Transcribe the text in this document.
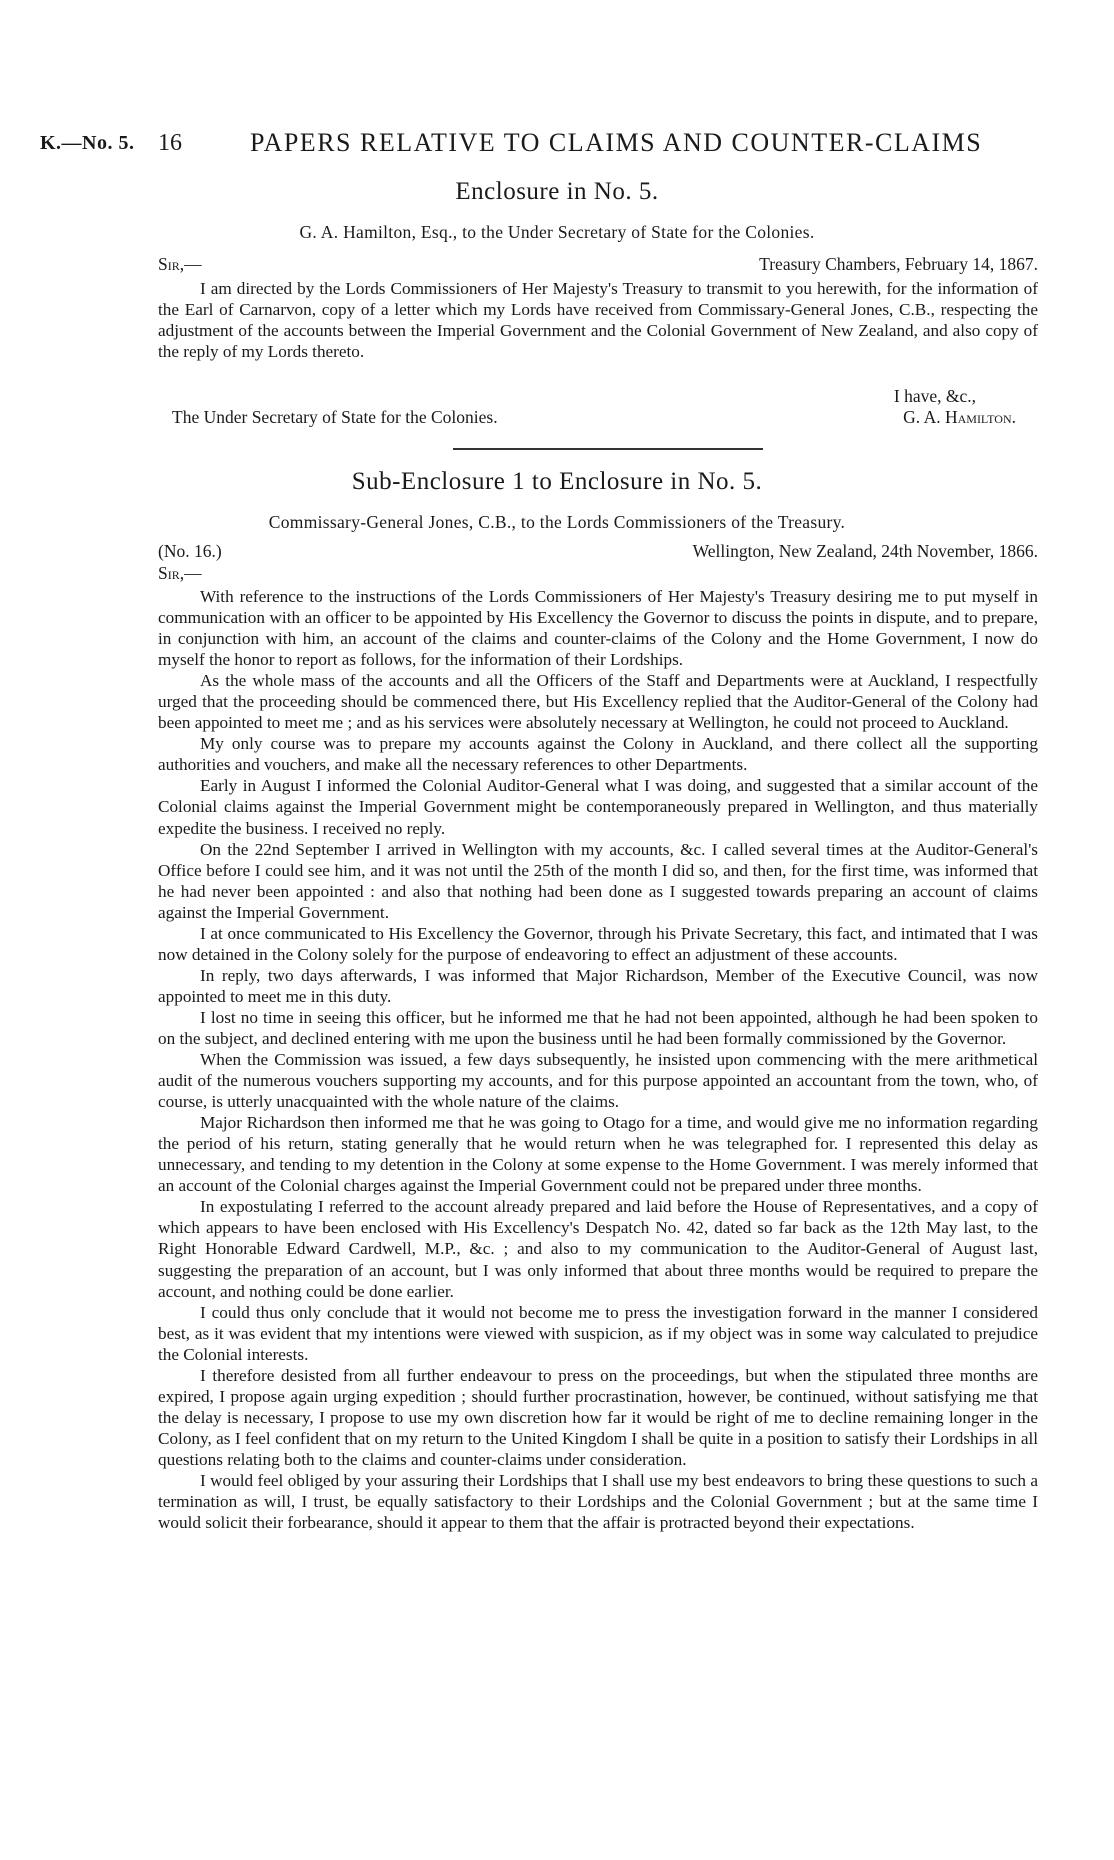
K.—No. 5. 16	PAPERS RELATIVE TO CLAIMS AND COUNTER-CLAIMS
Enclosure in No. 5.
G. A. Hamilton, Esq., to the Under Secretary of State for the Colonies.
Sir,—	Treasury Chambers, February 14, 1867.
I am directed by the Lords Commissioners of Her Majesty's Treasury to transmit to you herewith, for the information of the Earl of Carnarvon, copy of a letter which my Lords have received from Commissary-General Jones, C.B., respecting the adjustment of the accounts between the Imperial Government and the Colonial Government of New Zealand, and also copy of the reply of my Lords thereto.
I have, &c.,
The Under Secretary of State for the Colonies.	G. A. Hamilton.
Sub-Enclosure 1 to Enclosure in No. 5.
Commissary-General Jones, C.B., to the Lords Commissioners of the Treasury.
(No. 16.)	Wellington, New Zealand, 24th November, 1866.
Sir,—

With reference to the instructions of the Lords Commissioners of Her Majesty's Treasury desiring me to put myself in communication with an officer to be appointed by His Excellency the Governor to discuss the points in dispute, and to prepare, in conjunction with him, an account of the claims and counter-claims of the Colony and the Home Government, I now do myself the honor to report as follows, for the information of their Lordships.

As the whole mass of the accounts and all the Officers of the Staff and Departments were at Auckland, I respectfully urged that the proceeding should be commenced there, but His Excellency replied that the Auditor-General of the Colony had been appointed to meet me ; and as his services were absolutely necessary at Wellington, he could not proceed to Auckland.

My only course was to prepare my accounts against the Colony in Auckland, and there collect all the supporting authorities and vouchers, and make all the necessary references to other Departments.

Early in August I informed the Colonial Auditor-General what I was doing, and suggested that a similar account of the Colonial claims against the Imperial Government might be contemporaneously prepared in Wellington, and thus materially expedite the business. I received no reply.

On the 22nd September I arrived in Wellington with my accounts, &c. I called several times at the Auditor-General's Office before I could see him, and it was not until the 25th of the month I did so, and then, for the first time, was informed that he had never been appointed : and also that nothing had been done as I suggested towards preparing an account of claims against the Imperial Government.

I at once communicated to His Excellency the Governor, through his Private Secretary, this fact, and intimated that I was now detained in the Colony solely for the purpose of endeavoring to effect an adjustment of these accounts.

In reply, two days afterwards, I was informed that Major Richardson, Member of the Executive Council, was now appointed to meet me in this duty.

I lost no time in seeing this officer, but he informed me that he had not been appointed, although he had been spoken to on the subject, and declined entering with me upon the business until he had been formally commissioned by the Governor.

When the Commission was issued, a few days subsequently, he insisted upon commencing with the mere arithmetical audit of the numerous vouchers supporting my accounts, and for this purpose appointed an accountant from the town, who, of course, is utterly unacquainted with the whole nature of the claims.

Major Richardson then informed me that he was going to Otago for a time, and would give me no information regarding the period of his return, stating generally that he would return when he was telegraphed for. I represented this delay as unnecessary, and tending to my detention in the Colony at some expense to the Home Government. I was merely informed that an account of the Colonial charges against the Imperial Government could not be prepared under three months.

In expostulating I referred to the account already prepared and laid before the House of Representatives, and a copy of which appears to have been enclosed with His Excellency's Despatch No. 42, dated so far back as the 12th May last, to the Right Honorable Edward Cardwell, M.P., &c. ; and also to my communication to the Auditor-General of August last, suggesting the preparation of an account, but I was only informed that about three months would be required to prepare the account, and nothing could be done earlier.

I could thus only conclude that it would not become me to press the investigation forward in the manner I considered best, as it was evident that my intentions were viewed with suspicion, as if my object was in some way calculated to prejudice the Colonial interests.

I therefore desisted from all further endeavour to press on the proceedings, but when the stipulated three months are expired, I propose again urging expedition ; should further procrastination, however, be continued, without satisfying me that the delay is necessary, I propose to use my own discretion how far it would be right of me to decline remaining longer in the Colony, as I feel confident that on my return to the United Kingdom I shall be quite in a position to satisfy their Lordships in all questions relating both to the claims and counter-claims under consideration.

I would feel obliged by your assuring their Lordships that I shall use my best endeavors to bring these questions to such a termination as will, I trust, be equally satisfactory to their Lordships and the Colonial Government ; but at the same time I would solicit their forbearance, should it appear to them that the affair is protracted beyond their expectations.
